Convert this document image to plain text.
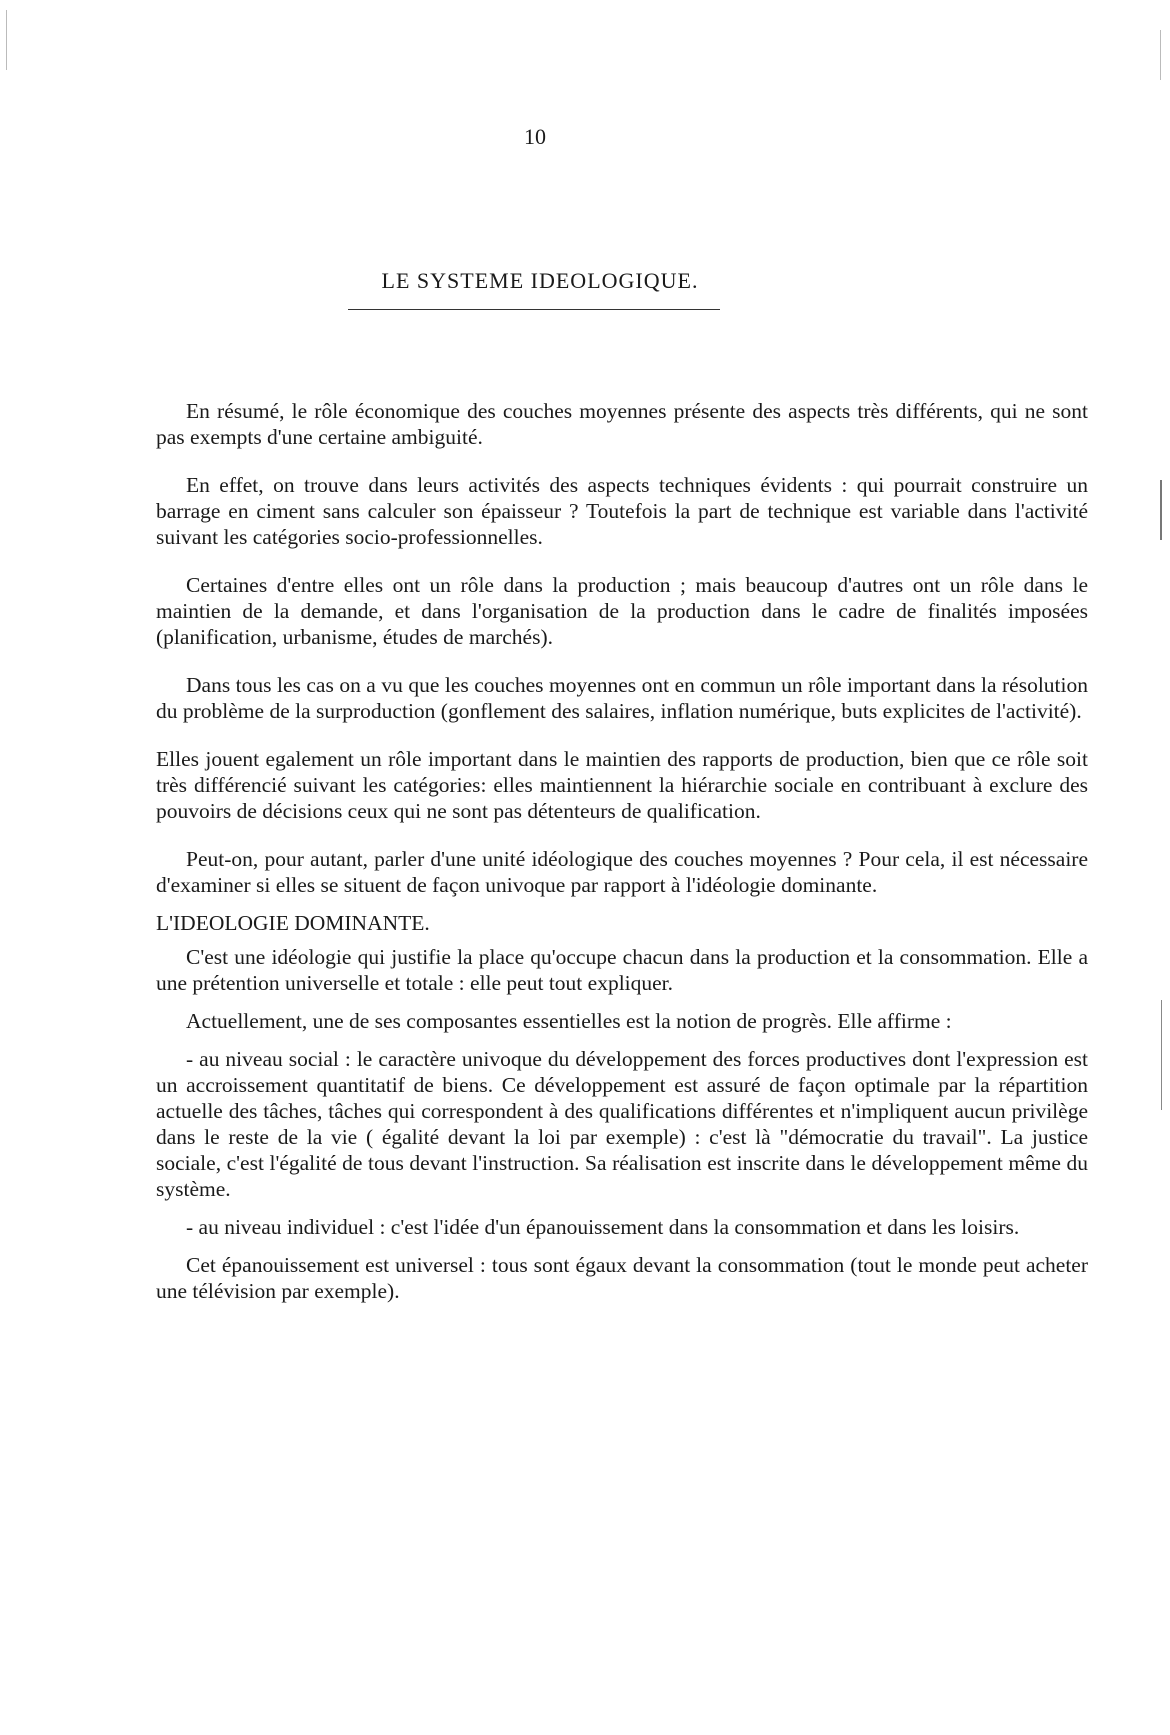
10
LE SYSTEME IDEOLOGIQUE.

En résumé, le rôle économique des couches moyennes présente des aspects très différents, qui ne sont pas exempts d'une certaine ambiguité.

En effet, on trouve dans leurs activités des aspects techniques évidents : qui pourrait construire un barrage en ciment sans calculer son épaisseur ? Toutefois la part de technique est variable dans l'activité suivant les catégories socio-professionnelles.

Certaines d'entre elles ont un rôle dans la production ; mais beaucoup d'autres ont un rôle dans le maintien de la demande, et dans l'organisation de la production dans le cadre de finalités imposées (planification, urbanisme, études de marchés).

Dans tous les cas on a vu que les couches moyennes ont en commun un rôle important dans la résolution du problème de la surproduction (gonflement des salaires, inflation numérique, buts explicites de l'activité).

Elles jouent egalement un rôle important dans le maintien des rapports de production, bien que ce rôle soit très différencié suivant les catégories: elles maintiennent la hiérarchie sociale en contribuant à exclure des pouvoirs de décisions ceux qui ne sont pas détenteurs de qualification.

Peut-on, pour autant, parler d'une unité idéologique des couches moyennes ? Pour cela, il est nécessaire d'examiner si elles se situent de façon univoque par rapport à l'idéologie dominante.

L'IDEOLOGIE DOMINANTE.

C'est une idéologie qui justifie la place qu'occupe chacun dans la production et la consommation. Elle a une prétention universelle et totale : elle peut tout expliquer.

Actuellement, une de ses composantes essentielles est la notion de progrès. Elle affirme :

- au niveau social : le caractère univoque du développement des forces productives dont l'expression est un accroissement quantitatif de biens. Ce développement est assuré de façon optimale par la répartition actuelle des tâches, tâches qui correspondent à des qualifications différentes et n'impliquent aucun privilège dans le reste de la vie ( égalité devant la loi par exemple) : c'est là "démocratie du travail". La justice sociale, c'est l'égalité de tous devant l'instruction. Sa réalisation est inscrite dans le développement même du système.

- au niveau individuel : c'est l'idée d'un épanouissement dans la consommation et dans les loisirs.

Cet épanouissement est universel : tous sont égaux devant la consommation (tout le monde peut acheter une télévision par exemple).
